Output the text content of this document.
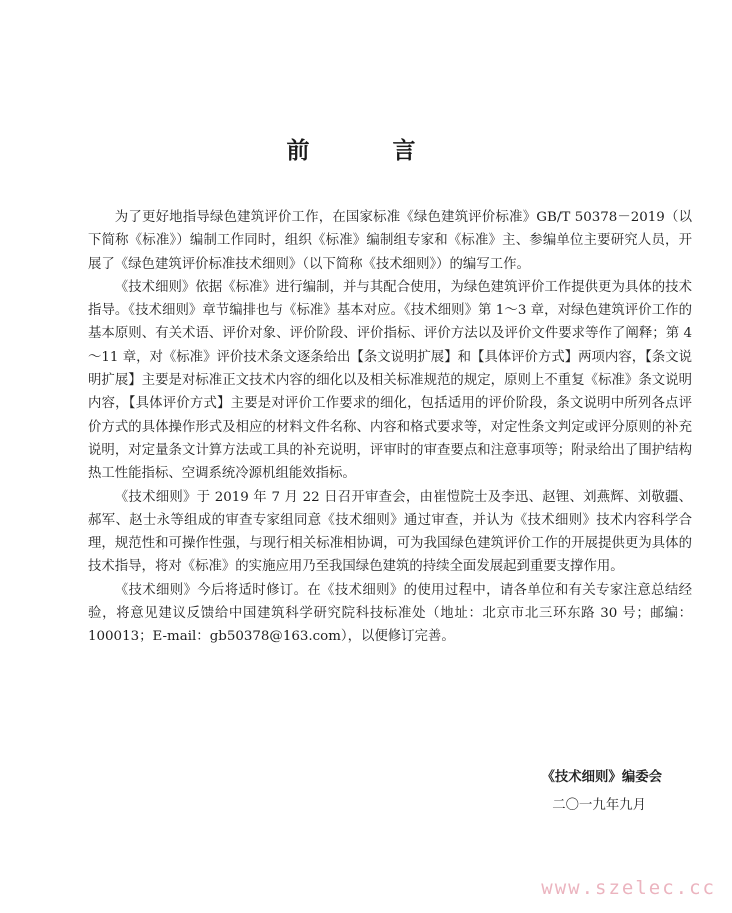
前　言

为了更好地指导绿色建筑评价工作，在国家标准《绿色建筑评价标准》GB/T 50378－2019（以下简称《标准》）编制工作同时，组织《标准》编制组专家和《标准》主、参编单位主要研究人员，开展了《绿色建筑评价标准技术细则》（以下简称《技术细则》）的编写工作。

《技术细则》依据《标准》进行编制，并与其配合使用，为绿色建筑评价工作提供更为具体的技术指导。《技术细则》章节编排也与《标准》基本对应。《技术细则》第 1～3 章，对绿色建筑评价工作的基本原则、有关术语、评价对象、评价阶段、评价指标、评价方法以及评价文件要求等作了阐释；第 4～11 章，对《标准》评价技术条文逐条给出【条文说明扩展】和【具体评价方式】两项内容，【条文说明扩展】主要是对标准正文技术内容的细化以及相关标准规范的规定，原则上不重复《标准》条文说明内容，【具体评价方式】主要是对评价工作要求的细化，包括适用的评价阶段，条文说明中所列各点评价方式的具体操作形式及相应的材料文件名称、内容和格式要求等，对定性条文判定或评分原则的补充说明，对定量条文计算方法或工具的补充说明，评审时的审查要点和注意事项等；附录给出了围护结构热工性能指标、空调系统冷源机组能效指标。

《技术细则》于 2019 年 7 月 22 日召开审查会，由崔愷院士及李迅、赵锂、刘燕辉、刘敬疆、郝军、赵士永等组成的审查专家组同意《技术细则》通过审查，并认为《技术细则》技术内容科学合理，规范性和可操作性强，与现行相关标准相协调，可为我国绿色建筑评价工作的开展提供更为具体的技术指导，将对《标准》的实施应用乃至我国绿色建筑的持续全面发展起到重要支撑作用。

《技术细则》今后将适时修订。在《技术细则》的使用过程中，请各单位和有关专家注意总结经验，将意见建议反馈给中国建筑科学研究院科技标准处（地址：北京市北三环东路 30 号；邮编：100013；E-mail：gb50378@163.com），以便修订完善。

《技术细则》编委会
二〇一九年九月
www.szelec.cc
